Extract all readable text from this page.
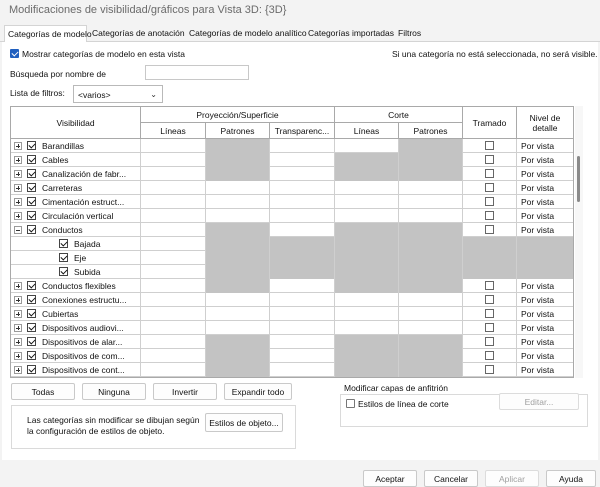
Modificaciones de visibilidad/gráficos para Vista 3D: {3D}
Categorías de modelo Categorías de anotación Categorías de modelo analítico Categorías importadas Filtros
Mostrar categorías de modelo en esta vista	Si una categoría no está seleccionada, no será visible.
Búsqueda por nombre de
Lista de filtros: <varios>	⌄
Visibilidad
Proyección/Superficie	Corte
Tramado	Nivel de
detalle
Líneas	Patrones	Transparenc...	Líneas	Patrones
Barandillas	Por vista
Cables	Por vista
Canalización de fabr...	Por vista
Carreteras	Por vista
Cimentación estruct...	Por vista
Circulación vertical	Por vista
Conductos	Por vista
Bajada
Eje
Subida
Conductos flexibles	Por vista
Conexiones estructu...	Por vista
Cubiertas	Por vista
Dispositivos audiovi...	Por vista
Dispositivos de alar...	Por vista
Dispositivos de com...	Por vista
Dispositivos de cont...	Por vista
Todas	Ninguna	Invertir	Expandir todo
Las categorías sin modificar se dibujan según
la configuración de estilos de objeto.
Estilos de objeto...
Modificar capas de anfitrión
Estilos de línea de corte	Editar...
Aceptar	Cancelar	Aplicar	Ayuda
